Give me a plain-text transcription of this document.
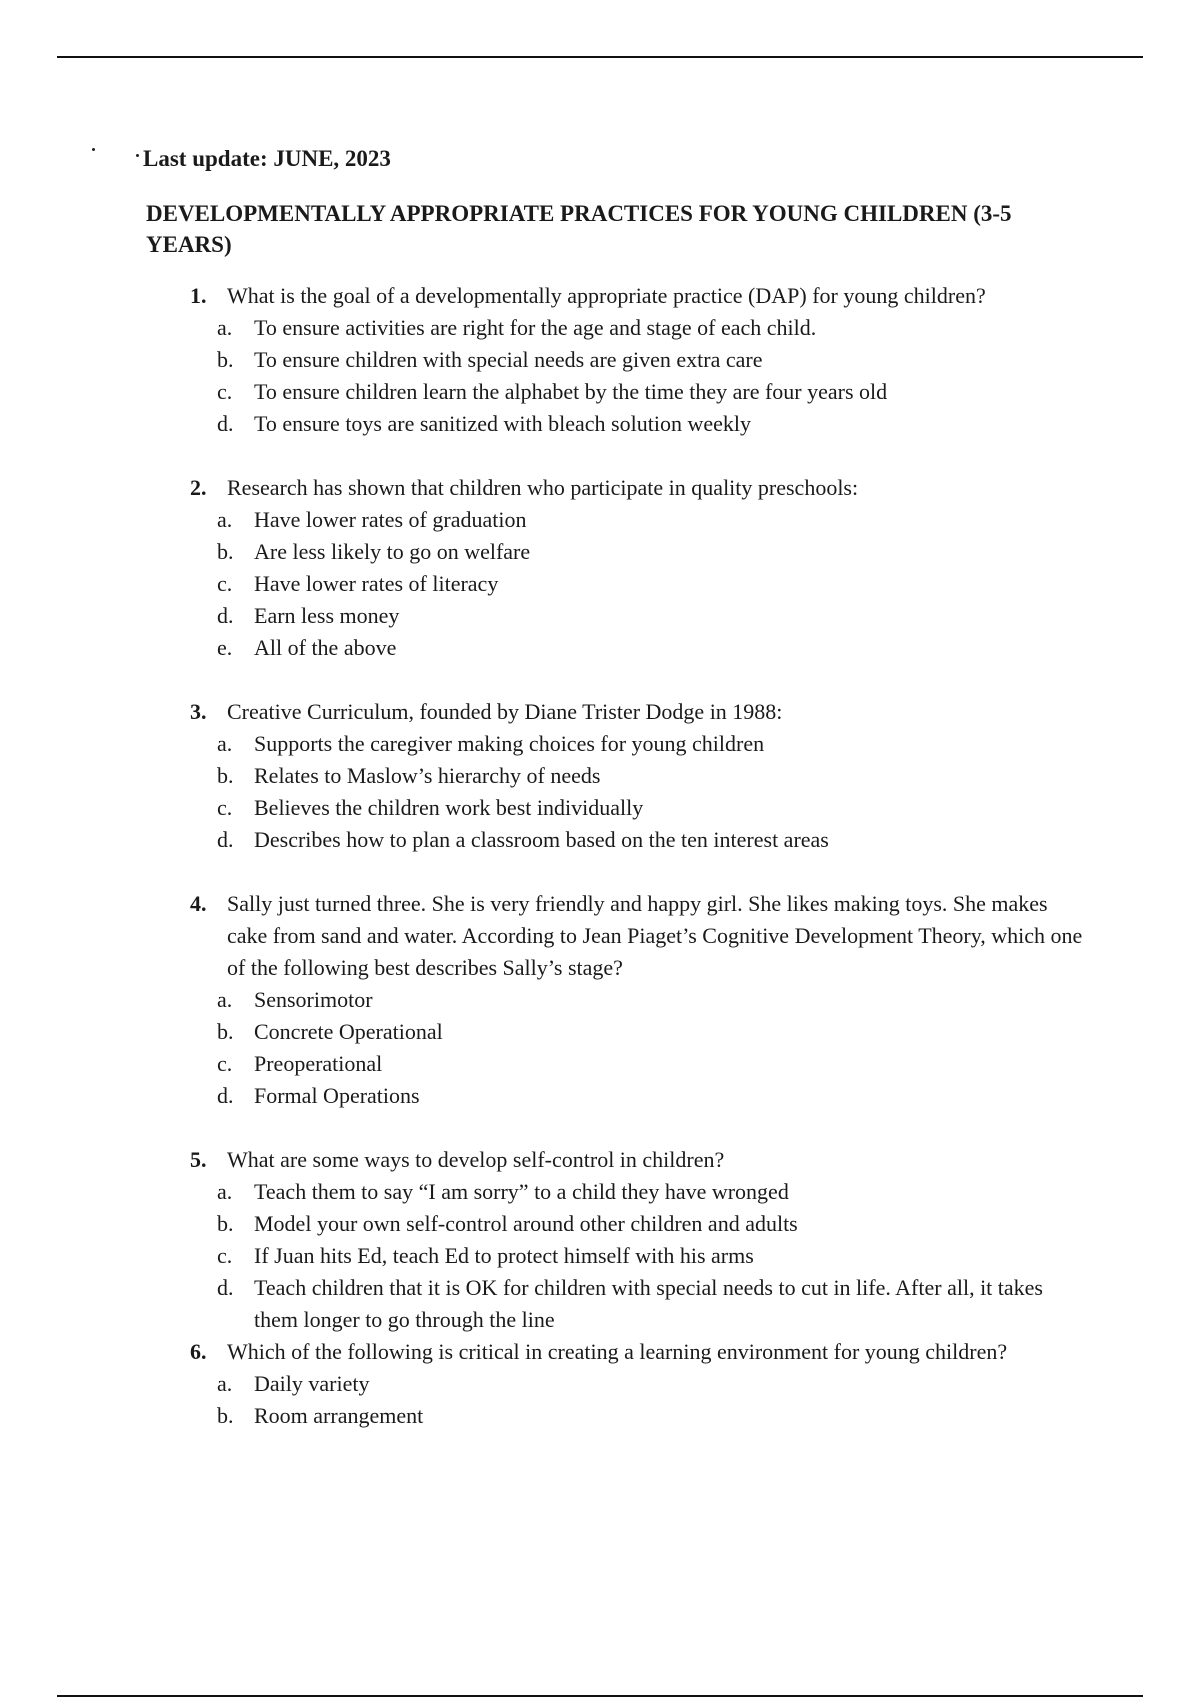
Last update: JUNE, 2023
DEVELOPMENTALLY APPROPRIATE PRACTICES FOR YOUNG CHILDREN (3-5 YEARS)
1. What is the goal of a developmentally appropriate practice (DAP) for young children?
a. To ensure activities are right for the age and stage of each child.
b. To ensure children with special needs are given extra care
c. To ensure children learn the alphabet by the time they are four years old
d. To ensure toys are sanitized with bleach solution weekly
2. Research has shown that children who participate in quality preschools:
a. Have lower rates of graduation
b. Are less likely to go on welfare
c. Have lower rates of literacy
d. Earn less money
e. All of the above
3. Creative Curriculum, founded by Diane Trister Dodge in 1988:
a. Supports the caregiver making choices for young children
b. Relates to Maslow’s hierarchy of needs
c. Believes the children work best individually
d. Describes how to plan a classroom based on the ten interest areas
4. Sally just turned three. She is very friendly and happy girl. She likes making toys. She makes cake from sand and water. According to Jean Piaget’s Cognitive Development Theory, which one of the following best describes Sally’s stage?
a. Sensorimotor
b. Concrete Operational
c. Preoperational
d. Formal Operations
5. What are some ways to develop self-control in children?
a. Teach them to say “I am sorry” to a child they have wronged
b. Model your own self-control around other children and adults
c. If Juan hits Ed, teach Ed to protect himself with his arms
d. Teach children that it is OK for children with special needs to cut in life. After all, it takes them longer to go through the line
6. Which of the following is critical in creating a learning environment for young children?
a. Daily variety
b. Room arrangement
